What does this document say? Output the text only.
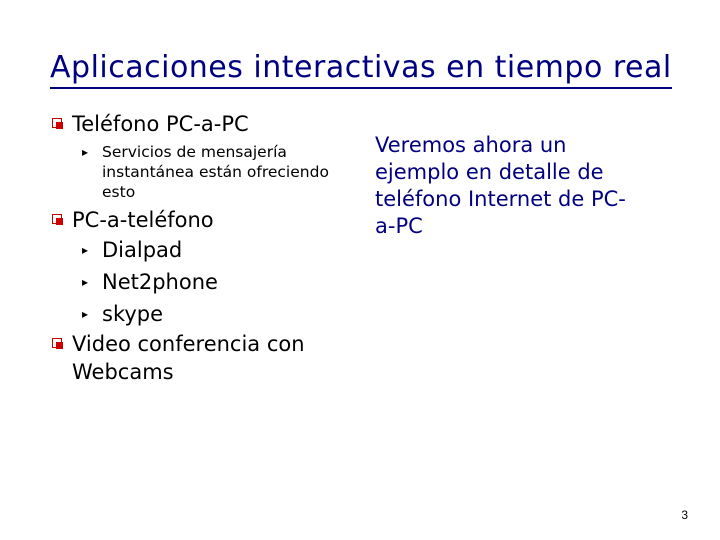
Aplicaciones interactivas en tiempo real
Teléfono PC-a-PC
▸ Servicios de mensajería instantánea están ofreciendo esto
PC-a-teléfono
▸ Dialpad
▸ Net2phone
▸ skype
Video conferencia con Webcams
Veremos ahora un ejemplo en detalle de teléfono Internet de PC-a-PC
3
